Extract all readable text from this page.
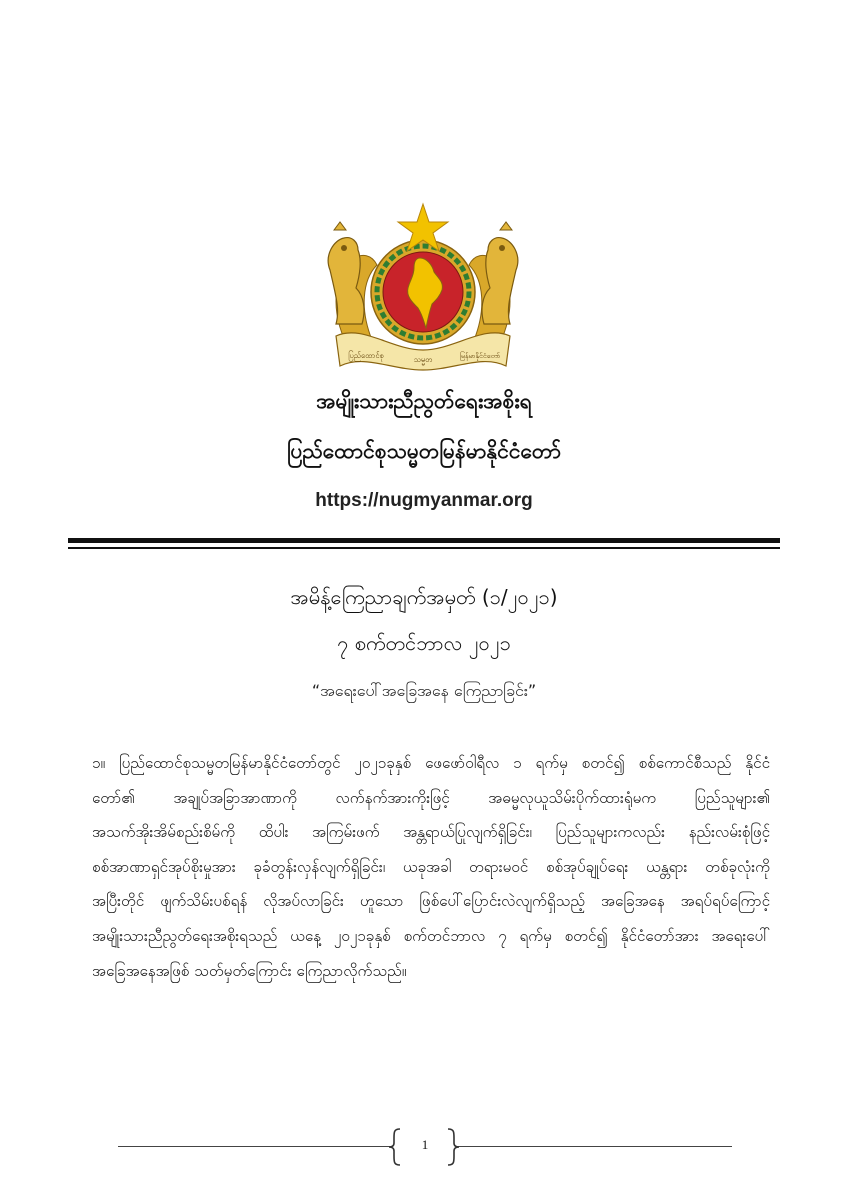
ပြည်ထောင်စု	သမ္မတ	မြန်မာနိုင်ငံတော်
အမျိုးသားညီညွတ်ရေးအစိုးရ
ပြည်ထောင်စုသမ္မတမြန်မာနိုင်ငံတော်
https://nugmyanmar.org
အမိန့်ကြေညာချက်အမှတ် (၁/၂၀၂၁)
၇ စက်တင်ဘာလ ၂၀၂၁
“အရေးပေါ်အခြေအနေ ကြေညာခြင်း”
၁။ ပြည်ထောင်စုသမ္မတမြန်မာနိုင်ငံတော်တွင် ၂၀၂၁ခုနှစ် ဖေဖော်ဝါရီလ ၁ ရက်မှ စတင်၍ စစ်ကောင်စီသည် နိုင်ငံ
တော်၏ အချုပ်အခြာအာဏာကို လက်နက်အားကိုးဖြင့် အဓမ္မလုယူသိမ်းပိုက်ထားရုံမက ပြည်သူများ၏
အသက်အိုးအိမ်စည်းစိမ်ကို ထိပါး အကြမ်းဖက် အန္တရာယ်ပြုလျက်ရှိခြင်း၊ ပြည်သူများကလည်း နည်းလမ်းစုံဖြင့်
စစ်အာဏာရှင်အုပ်စိုးမှုအား ခုခံတွန်းလှန်လျက်ရှိခြင်း၊ ယခုအခါ တရားမဝင် စစ်အုပ်ချုပ်ရေး ယန္တရား တစ်ခုလုံးကို
အပြီးတိုင် ဖျက်သိမ်းပစ်ရန် လိုအပ်လာခြင်း ဟူသော ဖြစ်ပေါ်ပြောင်းလဲလျက်ရှိသည့် အခြေအနေ အရပ်ရပ်ကြောင့်
အမျိုးသားညီညွတ်ရေးအစိုးရသည် ယနေ့ ၂၀၂၁ခုနှစ် စက်တင်ဘာလ ၇ ရက်မှ စတင်၍ နိုင်ငံတော်အား အရေးပေါ်
အခြေအနေအဖြစ် သတ်မှတ်ကြောင်း ကြေညာလိုက်သည်။
1
